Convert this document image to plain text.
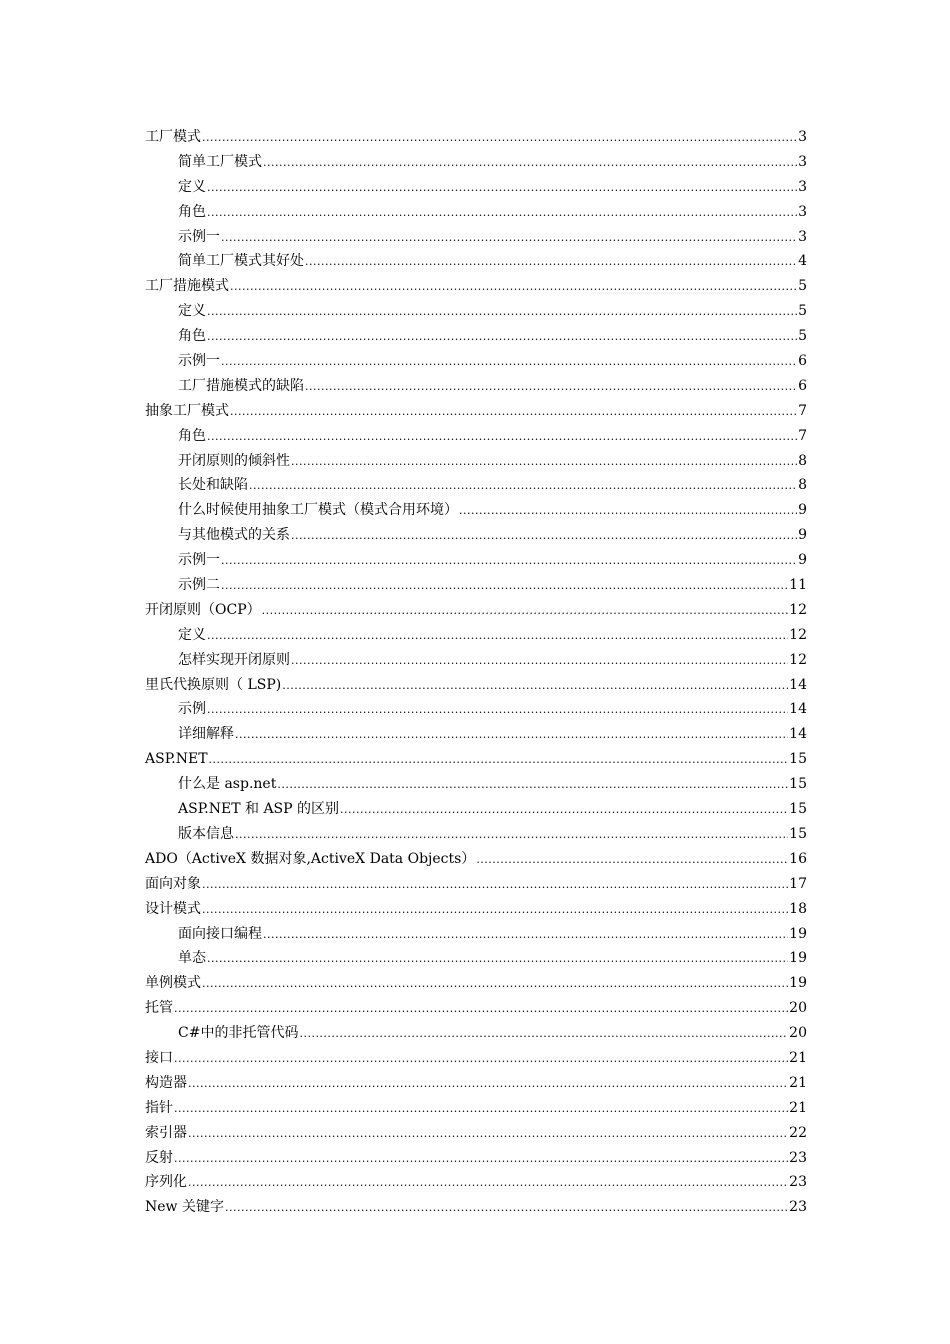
工厂模式 .....	3
简单工厂模式 .....	3
定义 .....	3
角色 .....	3
示例一 .....	3
简单工厂模式其好处 .....	4
工厂措施模式 .....	5
定义 .....	5
角色 .....	5
示例一 .....	6
工厂措施模式的缺陷 .....	6
抽象工厂模式 .....	7
角色 .....	7
开闭原则的倾斜性 .....	8
长处和缺陷 .....	8
什么时候使用抽象工厂模式（模式合用环境） .....	9
与其他模式的关系 .....	9
示例一 .....	9
示例二 .....	11
开闭原则（OCP） .....	12
定义 .....	12
怎样实现开闭原则 .....	12
里氏代换原则（ LSP) .....	14
示例 .....	14
详细解释 .....	14
ASP.NET .....	15
什么是 asp.net .....	15
ASP.NET 和 ASP 的区别 .....	15
版本信息 .....	15
ADO（ActiveX 数据对象,ActiveX Data Objects） .....	16
面向对象 .....	17
设计模式 .....	18
面向接口编程 .....	19
单态 .....	19
单例模式 .....	19
托管 .....	20
C#中的非托管代码 .....	20
接口 .....	21
构造器 .....	21
指针 .....	21
索引器 .....	22
反射 .....	23
序列化 .....	23
New 关键字 .....	23
